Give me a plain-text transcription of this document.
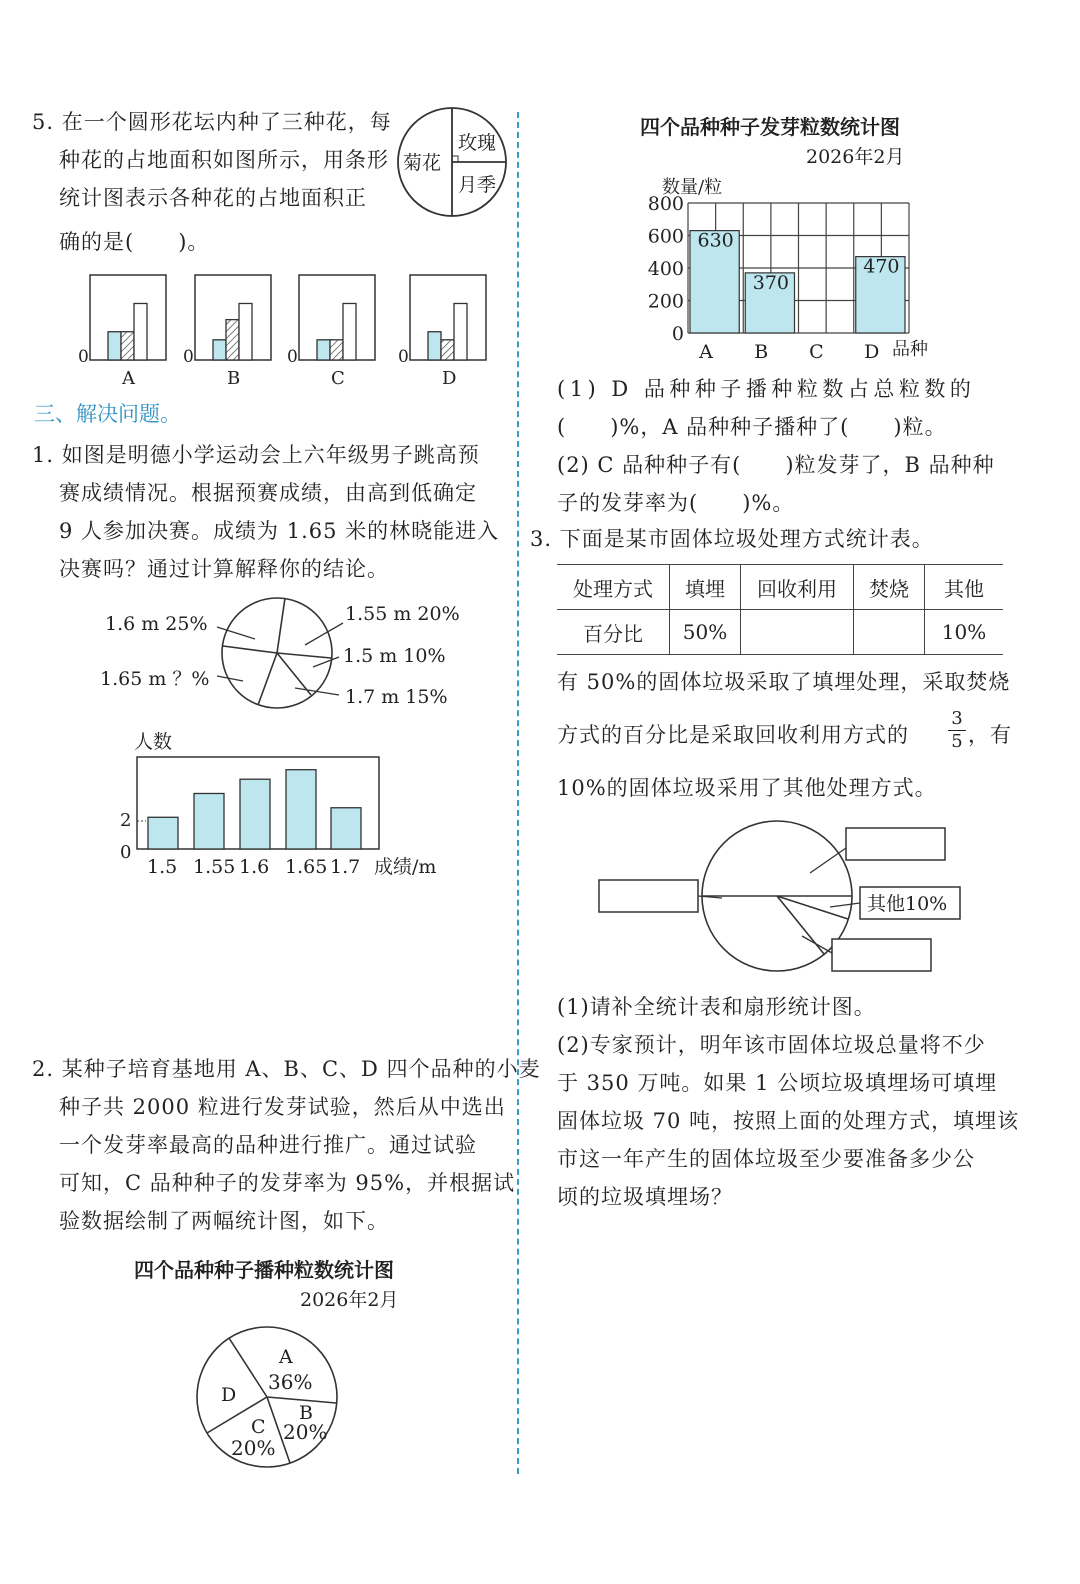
5. 在一个圆形花坛内种了三种花，每
种花的占地面积如图所示，用条形
统计图表示各种花的占地面积正
确的是(　　)。
菊花
玫瑰
月季
0
A
0
B
0
C
0
D
三、解决问题。
1. 如图是明德小学运动会上六年级男子跳高预
赛成绩情况。根据预赛成绩，由高到低确定
9 人参加决赛。成绩为 1.65 米的林晓能进入
决赛吗？通过计算解释你的结论。
1.6 m 25%
1.65 m ？%
1.55 m 20%
1.5 m 10%
1.7 m 15%
人数
2
0
1.5 1.55 1.6 1.65 1.7 成绩/m
2. 某种子培育基地用 A、B、C、D 四个品种的小麦
种子共 2000 粒进行发芽试验，然后从中选出
一个发芽率最高的品种进行推广。通过试验
可知，C 品种种子的发芽率为 95%，并根据试
验数据绘制了两幅统计图，如下。
四个品种种子播种粒数统计图
2026年2月
A
36%
B
20%
C
20%
D
四个品种种子发芽粒数统计图
2026年2月
数量/粒
0
200
400
600
800
630
A
370
B C
470
D 品种
(1) D 品种种子播种粒数占总粒数的
(　　)%，A 品种种子播种了(　　)粒。
(2) C 品种种子有(　　)粒发芽了，B 品种种
子的发芽率为(　　)%。
3. 下面是某市固体垃圾处理方式统计表。
处理方式	填埋	回收利用	焚烧	其他
百分比	50%			10%
有 50%的固体垃圾采取了填埋处理，采取焚烧
方式的百分比是采取回收利用方式的
3
5 ，有
10%的固体垃圾采用了其他处理方式。
其他10%
(1)请补全统计表和扇形统计图。
(2)专家预计，明年该市固体垃圾总量将不少
于 350 万吨。如果 1 公顷垃圾填埋场可填埋
固体垃圾 70 吨，按照上面的处理方式，填埋该
市这一年产生的固体垃圾至少要准备多少公
顷的垃圾填埋场？
